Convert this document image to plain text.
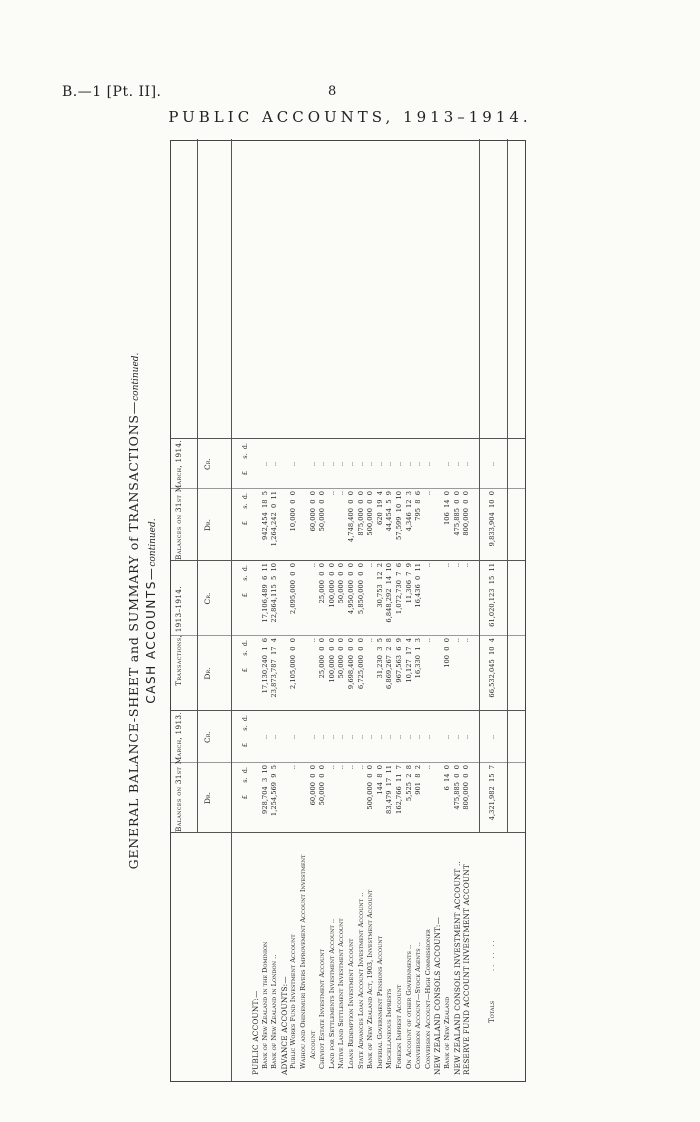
B.—1 [Pt. II].	8
PUBLIC ACCOUNTS, 1913–1914.
GENERAL BALANCE-SHEET and SUMMARY of TRANSACTIONS—continued.
CASH ACCOUNTS—continued.
Balances on 31st March, 1913.
Transactions, 1913–1914.
Balances on 31st March, 1914.
Dr.
Cr.
Dr.
Cr.
Dr.
Cr.
£      s.  d.
£      s.  d.
£      s.  d.
£      s.  d.
£      s.  d.
£      s.  d.
PUBLIC ACCOUNT:— Bank of New Zealand in the Dominion
928,704  3  10
..
17,130,240  1  6
17,106,489  6  11
942,454  18  5
..
Bank of New Zealand in London ..
1,254,569  9  5
..
23,873,787  17  4
22,864,115  5  10
1,264,242  0  11
..
ADVANCE ACCOUNTS:— Public Works Fund Investment Account
..
..
2,105,000  0  0
2,095,000  0  0
10,000  0  0
..
Waihou and Ohinemuri Rivers Improvement Account Investment Account
60,000  0  0
..
..
..
60,000  0  0
..
Cheviot Estate Investment Account
50,000  0  0
..
25,000  0  0
25,000  0  0
50,000  0  0
..
Land for Settlements Investment Account ..
..
..
100,000  0  0
100,000  0  0
..
..
Native Land Settlement Investment Account
..
..
50,000  0  0
50,000  0  0
..
..
Loans Redemption Investment Account
..
..
9,698,400  0  0
4,950,000  0  0
4,748,400  0  0
..
State Advances Loan Account Investment Account ..
..
..
6,725,000  0  0
5,850,000  0  0
875,000  0  0
..
Bank of New Zealand Act, 1903, Investment Account
500,000  0  0
..
..
..
500,000  0  0
..
Imperial Government Pensions Account
144  8  0
..
31,230  3  5
30,753  12  2
620  19  4
..
Miscellaneous Imprests
83,479  17  11
..
6,869,267  2  8
6,848,292  14  10
44,454  5  9
..
Foreign Imprest Account
162,766  11  7
..
967,563  6  9
1,072,730  7  6
57,599  10  10
..
On Account of other Governments ..
5,525  2  8
..
10,127  17  4
11,306  7  9
4,346  12  3
..
Conversion Account—Stock Agents ..
901  8  2
..
16,330  1  3
16,436  0  11
795  8  6
..
Conversion Account—High Commissioner
..
..
..
..
..
..
NEW ZEALAND CONSOLS ACCOUNT:— Bank of New Zealand
6  14  0
..
100  0  0
..
106  14  0
..
NEW ZEALAND CONSOLS INVESTMENT ACCOUNT ..
475,885  0  0
..
..
..
475,885  0  0
..
RESERVE FUND ACCOUNT INVESTMENT ACCOUNT
800,000  0  0
..
..
..
800,000  0  0
..
Totals
.. .. ..
4,321,982  15  7
..
66,532,045  10  4
61,020,123  15  11
9,833,904  10  0
..
